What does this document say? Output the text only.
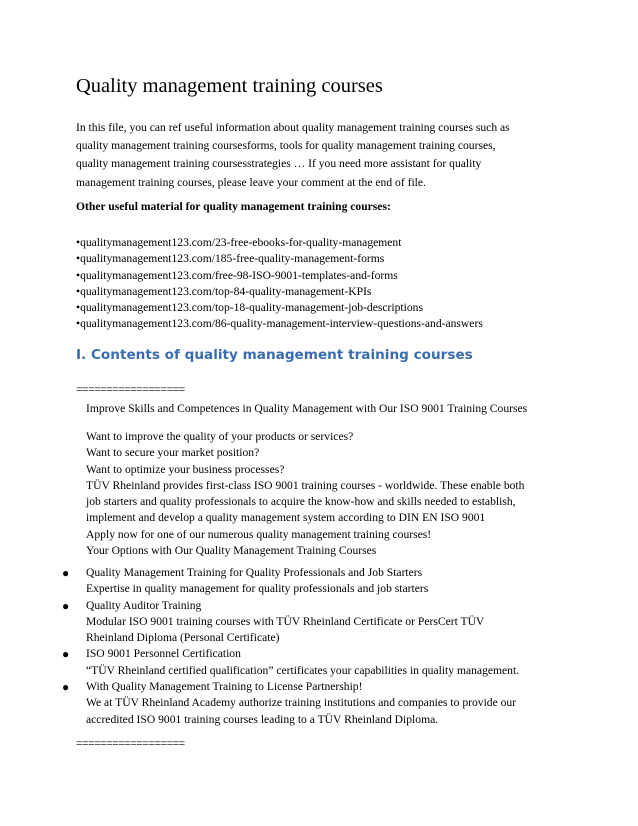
Quality management training courses
In this file, you can ref useful information about quality management training courses such as
quality management training coursesforms, tools for quality management training courses,
quality management training coursesstrategies … If you need more assistant for quality
management training courses, please leave your comment at the end of file.
Other useful material for quality management training courses:
• qualitymanagement123.com/23-free-ebooks-for-quality-management
• qualitymanagement123.com/185-free-quality-management-forms
• qualitymanagement123.com/free-98-ISO-9001-templates-and-forms
• qualitymanagement123.com/top-84-quality-management-KPIs
• qualitymanagement123.com/top-18-quality-management-job-descriptions
• qualitymanagement123.com/86-quality-management-interview-questions-and-answers
I. Contents of quality management training courses
==================
Improve Skills and Competences in Quality Management with Our ISO 9001 Training Courses
Want to improve the quality of your products or services?
Want to secure your market position?
Want to optimize your business processes?
TÜV Rheinland provides first-class ISO 9001 training courses - worldwide. These enable both
job starters and quality professionals to acquire the know-how and skills needed to establish,
implement and develop a quality management system according to DIN EN ISO 9001
Apply now for one of our numerous quality management training courses!
Your Options with Our Quality Management Training Courses
● Quality Management Training for Quality Professionals and Job Starters
Expertise in quality management for quality professionals and job starters
● Quality Auditor Training
Modular ISO 9001 training courses with TÜV Rheinland Certificate or PersCert TÜV
Rheinland Diploma (Personal Certificate)
● ISO 9001 Personnel Certification
“TÜV Rheinland certified qualification” certificates your capabilities in quality management.
● With Quality Management Training to License Partnership!
We at TÜV Rheinland Academy authorize training institutions and companies to provide our
accredited ISO 9001 training courses leading to a TÜV Rheinland Diploma.
==================
